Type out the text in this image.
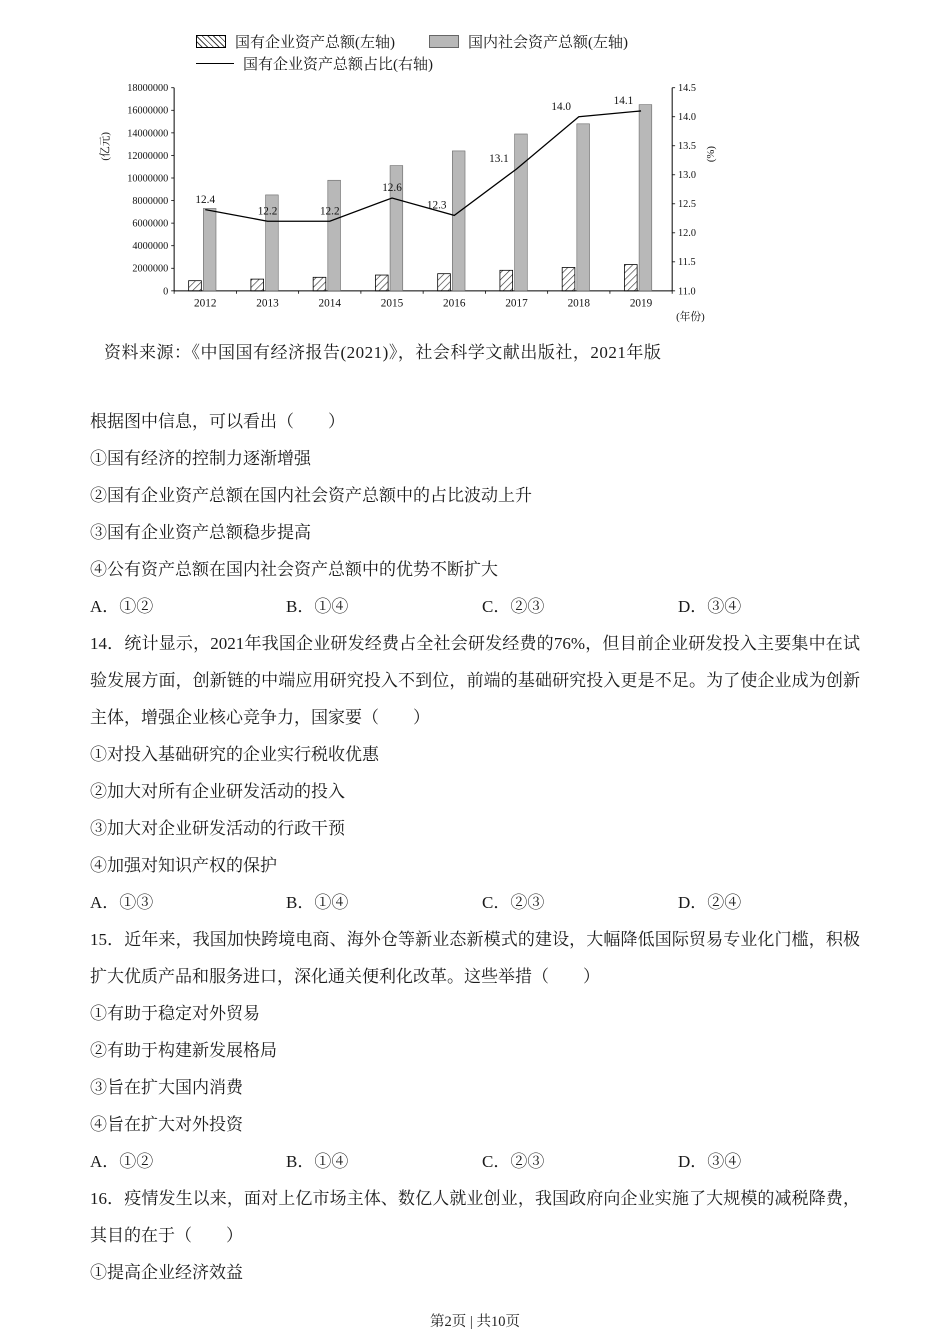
国有企业资产总额(左轴)	国内社会资产总额(左轴)
国有企业资产总额占比(右轴)
0
2000000
4000000
6000000
8000000
10000000
12000000
14000000
16000000
18000000
11.0
11.5
12.0
12.5
13.0
13.5
14.0
14.5
2012	2013	2014	2015	2016	2017	2018	2019
(年份)
12.4
12.2	12.2
12.6
12.3
13.1
14.0	14.1
(亿元)	(%)

资料来源：《中国国有经济报告(2021)》，社会科学文献出版社，2021年版

根据图中信息，可以看出（　　）

①国有经济的控制力逐渐增强

②国有企业资产总额在国内社会资产总额中的占比波动上升

③国有企业资产总额稳步提高

④公有资产总额在国内社会资产总额中的优势不断扩大

A．①②	B．①④	C．②③	D．③④

14．统计显示，2021年我国企业研发经费占全社会研发经费的76%，但目前企业研发投入主要集中在试验发展方面，创新链的中端应用研究投入不到位，前端的基础研究投入更是不足。为了使企业成为创新主体，增强企业核心竞争力，国家要（　　）

①对投入基础研究的企业实行税收优惠

②加大对所有企业研发活动的投入

③加大对企业研发活动的行政干预

④加强对知识产权的保护

A．①③	B．①④	C．②③	D．②④

15．近年来，我国加快跨境电商、海外仓等新业态新模式的建设，大幅降低国际贸易专业化门槛，积极扩大优质产品和服务进口，深化通关便利化改革。这些举措（　　）

①有助于稳定对外贸易

②有助于构建新发展格局

③旨在扩大国内消费

④旨在扩大对外投资

A．①②	B．①④	C．②③	D．③④

16．疫情发生以来，面对上亿市场主体、数亿人就业创业，我国政府向企业实施了大规模的减税降费，其目的在于（　　）

①提高企业经济效益

第2页 | 共10页
